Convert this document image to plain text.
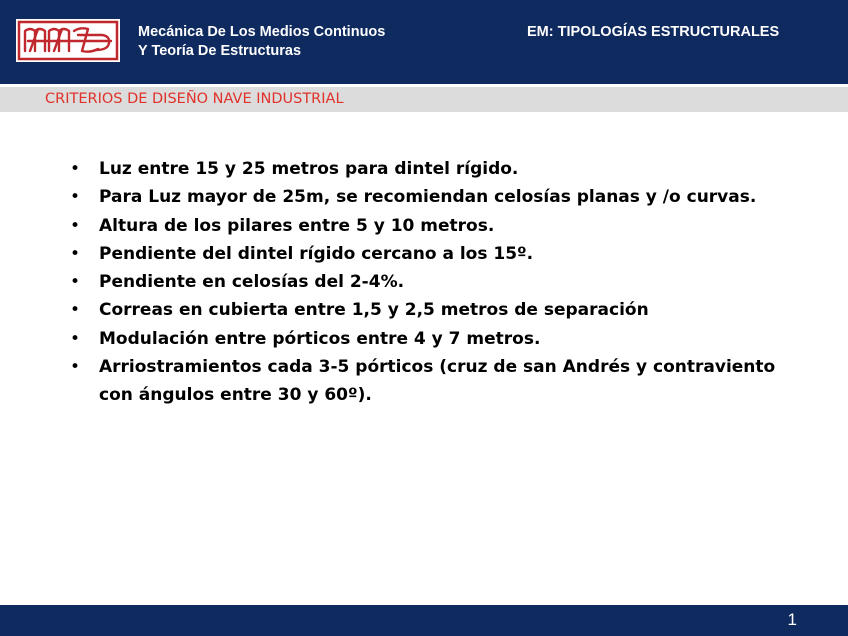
Mecánica De Los Medios Continuos
Y Teoría De Estructuras
EM: TIPOLOGÍAS ESTRUCTURALES
CRITERIOS DE DISEÑO NAVE INDUSTRIAL
• Luz entre 15 y 25 metros para dintel rígido.
• Para Luz mayor de 25m, se recomiendan celosías planas y /o curvas.
• Altura de los pilares entre 5 y 10 metros.
• Pendiente del dintel rígido cercano a los 15º.
• Pendiente en celosías del 2-4%.
• Correas en cubierta entre 1,5 y 2,5 metros de separación
• Modulación entre pórticos entre 4 y 7 metros.
• Arriostramientos cada 3-5 pórticos (cruz de san Andrés y contraviento con ángulos entre 30 y 60º).
1
